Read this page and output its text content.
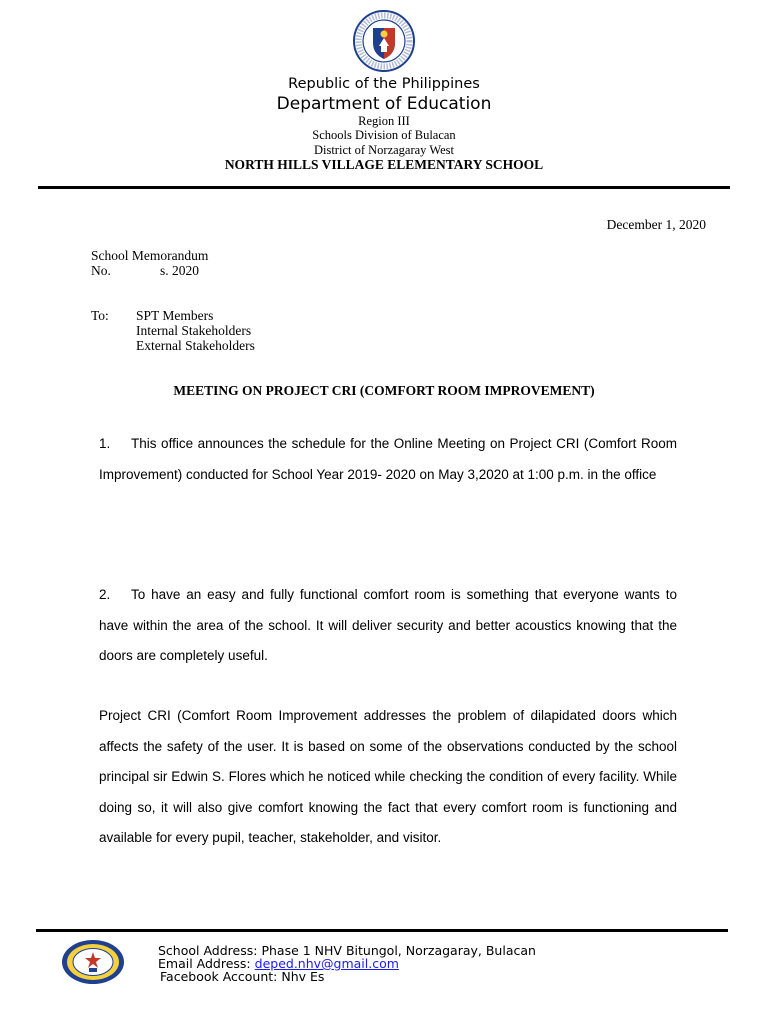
Republic of the Philippines
Department of Education
Region III
Schools Division of Bulacan
District of Norzagaray West
NORTH HILLS VILLAGE ELEMENTARY SCHOOL
December 1, 2020
School Memorandum
No.	s. 2020
To: SPT Members
Internal Stakeholders
External Stakeholders
MEETING ON PROJECT CRI (COMFORT ROOM IMPROVEMENT)
1. This office announces the schedule for the Online Meeting on Project CRI (Comfort Room Improvement) conducted for School Year 2019- 2020 on May 3,2020 at 1:00 p.m. in the office
2. To have an easy and fully functional comfort room is something that everyone wants to have within the area of the school. It will deliver security and better acoustics knowing that the doors are completely useful.
Project CRI (Comfort Room Improvement addresses the problem of dilapidated doors which affects the safety of the user. It is based on some of the observations conducted by the school principal sir Edwin S. Flores which he noticed while checking the condition of every facility. While doing so, it will also give comfort knowing the fact that every comfort room is functioning and available for every pupil, teacher, stakeholder, and visitor.
School Address: Phase 1 NHV Bitungol, Norzagaray, Bulacan
Email Address: deped.nhv@gmail.com
Facebook Account: Nhv Es
